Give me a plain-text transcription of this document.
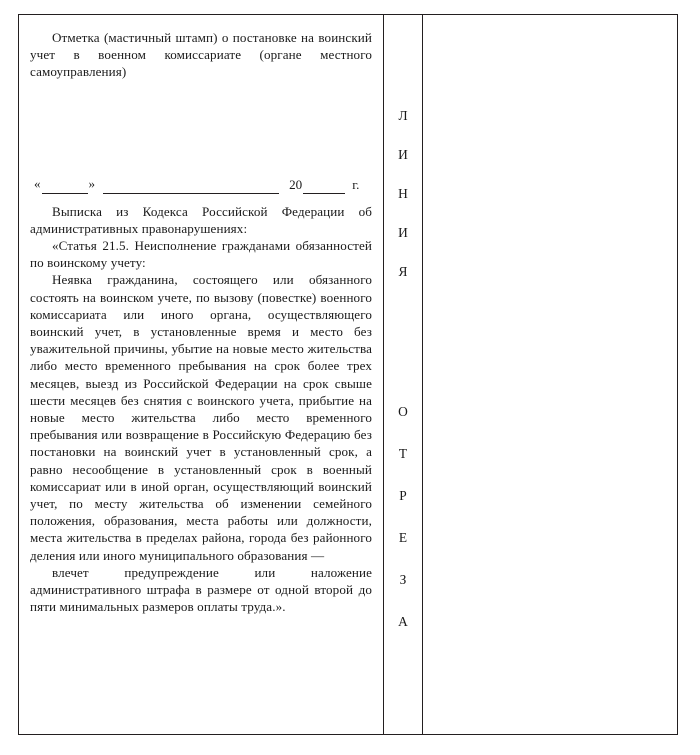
Отметка (мастичный штамп) о постановке на воинский учет в военном комиссариате (органе местного самоуправления)

«	»	20	г.

Выписка из Кодекса Российской Федерации об административных правонарушениях:

«Статья 21.5. Неисполнение гражданами обязанностей по воинскому учету:

Неявка гражданина, состоящего или обязанного состоять на воинском учете, по вызову (повестке) военного комиссариата или иного органа, осуществляющего воинский учет, в установленные время и место без уважительной причины, убытие на новые место жительства либо место временного пребывания на срок более трех месяцев, выезд из Российской Федерации на срок свыше шести месяцев без снятия с воинского учета, прибытие на новые место жительства либо место временного пребывания или возвращение в Российскую Федерацию без постановки на воинский учет в установленный срок, а равно несообщение в установленный срок в военный комиссариат или в иной орган, осуществляющий воинский учет, по месту жительства об изменении семейного положения, образования, места работы или должности, места жительства в пределах района, города без районного деления или иного муниципального образования —

влечет предупреждение или наложение административного штрафа в размере от одной второй до пяти минимальных размеров оплаты труда.».

Л
И
Н
И
Я
О
Т
Р
Е
З
А
